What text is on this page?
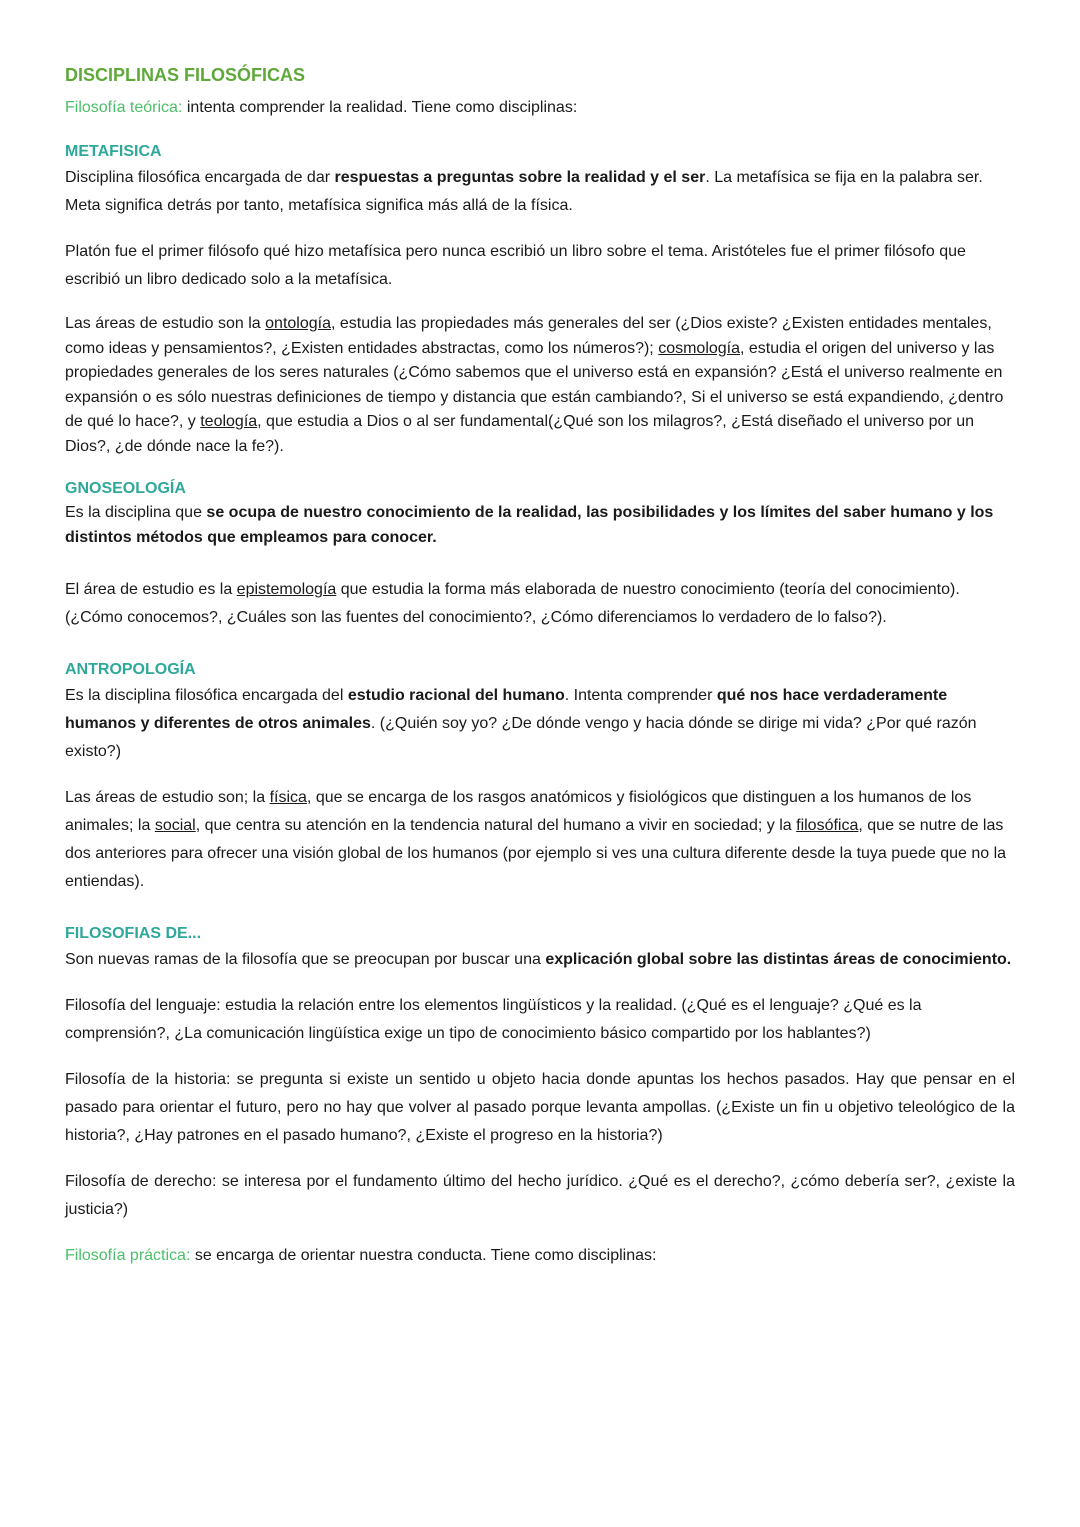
DISCIPLINAS FILOSÓFICAS

Filosofía teórica: intenta comprender la realidad. Tiene como disciplinas:

METAFISICA

Disciplina filosófica encargada de dar respuestas a preguntas sobre la realidad y el ser. La metafísica se fija en la palabra ser. Meta significa detrás por tanto, metafísica significa más allá de la física.

Platón fue el primer filósofo qué hizo metafísica pero nunca escribió un libro sobre el tema. Aristóteles fue el primer filósofo que escribió un libro dedicado solo a la metafísica.

Las áreas de estudio son la ontología, estudia las propiedades más generales del ser (¿Dios existe? ¿Existen entidades mentales, como ideas y pensamientos?, ¿Existen entidades abstractas, como los números?); cosmología, estudia el origen del universo y las propiedades generales de los seres naturales (¿Cómo sabemos que el universo está en expansión? ¿Está el universo realmente en expansión o es sólo nuestras definiciones de tiempo y distancia que están cambiando?, Si el universo se está expandiendo, ¿dentro de qué lo hace?, y teología, que estudia a Dios o al ser fundamental(¿Qué son los milagros?, ¿Está diseñado el universo por un Dios?, ¿de dónde nace la fe?).

GNOSEOLOGÍA

Es la disciplina que se ocupa de nuestro conocimiento de la realidad, las posibilidades y los límites del saber humano y los distintos métodos que empleamos para conocer.

El área de estudio es la epistemología que estudia la forma más elaborada de nuestro conocimiento (teoría del conocimiento). (¿Cómo conocemos?, ¿Cuáles son las fuentes del conocimiento?, ¿Cómo diferenciamos lo verdadero de lo falso?).

ANTROPOLOGÍA

Es la disciplina filosófica encargada del estudio racional del humano. Intenta comprender qué nos hace verdaderamente humanos y diferentes de otros animales. (¿Quién soy yo? ¿De dónde vengo y hacia dónde se dirige mi vida? ¿Por qué razón existo?)

Las áreas de estudio son; la física, que se encarga de los rasgos anatómicos y fisiológicos que distinguen a los humanos de los animales; la social, que centra su atención en la tendencia natural del humano a vivir en sociedad; y la filosófica, que se nutre de las dos anteriores para ofrecer una visión global de los humanos (por ejemplo si ves una cultura diferente desde la tuya puede que no la entiendas).

FILOSOFIAS DE...

Son nuevas ramas de la filosofía que se preocupan por buscar una explicación global sobre las distintas áreas de conocimiento.

Filosofía del lenguaje: estudia la relación entre los elementos lingüísticos y la realidad. (¿Qué es el lenguaje? ¿Qué es la comprensión?, ¿La comunicación lingüística exige un tipo de conocimiento básico compartido por los hablantes?)

Filosofía de la historia: se pregunta si existe un sentido u objeto hacia donde apuntas los hechos pasados. Hay que pensar en el pasado para orientar el futuro, pero no hay que volver al pasado porque levanta ampollas. (¿Existe un fin u objetivo teleológico de la historia?, ¿Hay patrones en el pasado humano?, ¿Existe el progreso en la historia?)

Filosofía de derecho: se interesa por el fundamento último del hecho jurídico. ¿Qué es el derecho?, ¿cómo debería ser?, ¿existe la justicia?)

Filosofía práctica: se encarga de orientar nuestra conducta. Tiene como disciplinas:
